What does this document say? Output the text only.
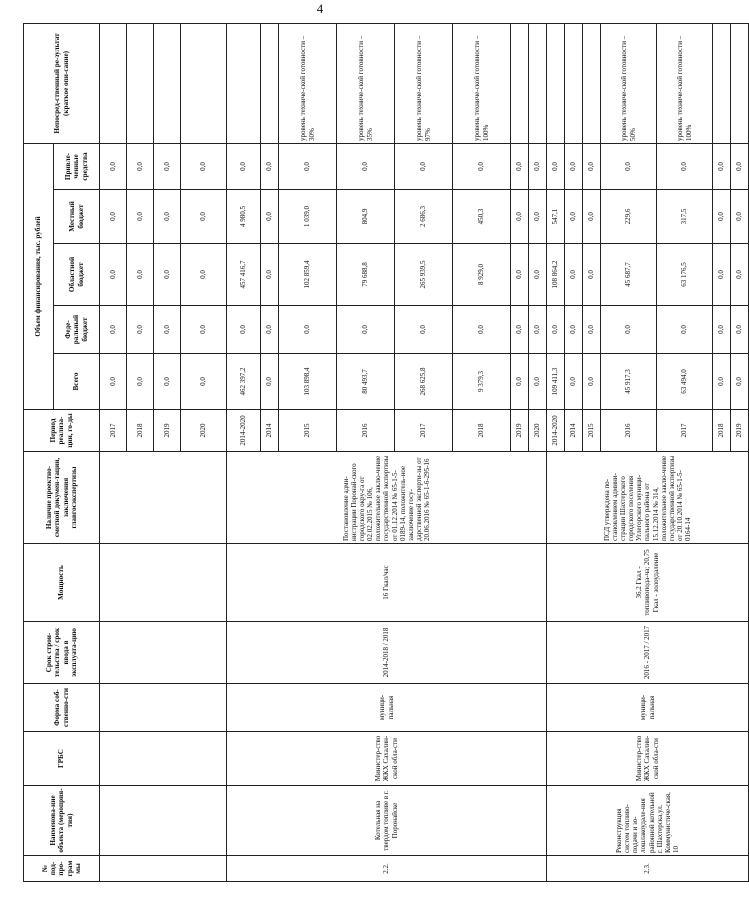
4
№ под-про-грам мы	Наименова-ние объекта (мероприя-тия)	ГРБС	Форма соб-ственно-сти	Срок строи-тельства / срок ввода в эксплуата-цию	Мощность	Наличие проектно-сметной докумен-тации, заключения главгосэкспертизы	Период реализа-ции, го-ды	Объем финансирования, тыс. рублей					Непосред-ственный ре-зультат (краткое опи-сание)
								Всего	Феде-ральный бюджет	Областной бюджет	Местный бюджет	Привле-ченные средства	
							2017	0,0	0,0	0,0	0,0	0,0	
							2018	0,0	0,0	0,0	0,0	0,0	
							2019	0,0	0,0	0,0	0,0	0,0	
							2020	0,0	0,0	0,0	0,0	0,0	
2.2.	Котельная на твердом топливе в г. Поронайске	Министер-ство ЖКХ Сахалин-ской обла-сти	муници-пальная	2014-2018 / 2018	16 Гкал/час	Постановление адми-нистрации Поронай-ского городского окру-га от 02.02.2015 № 106, положительное заклю-чение государственной экспертизы от 01.12.2014 № 65-1-5-0189-14, положитель-ное заключение госу-дарственной эксперти-зы от 20.06.2016 № 65-1-6-295-16	2014-2020	462 397,2	0,0	457 416,7	4 980,5	0,0	
							2014	0,0	0,0	0,0	0,0	0,0	
							2015	103 898,4	0,0	102 859,4	1 039,0	0,0	уровень техниче-ской готовности – 30%
							2016	80 493,7	0,0	79 688,8	804,9	0,0	уровень техниче-ской готовности – 35%
							2017	268 625,8	0,0	265 939,5	2 686,3	0,0	уровень техниче-ской готовности – 97%
							2018	9 379,3	0,0	8 929,0	450,3	0,0	уровень техниче-ской готовности – 100%
							2019	0,0	0,0	0,0	0,0	0,0	
							2020	0,0	0,0	0,0	0,0	0,0	
2.3.	Реконструкция систем топливо-подачи и зо-лошлакоудале-ния районной котельной г. Шахтерска,ул. Коммунистиче-ская, 10	Министер-ство ЖКХ Сахалин-ской обла-сти	муници-пальная	2016 - 2017 / 2017	36,2 Гкал - топливопода-ча; 20,75 Гкал - золоудаление	ПСД утверждена по-становлением админи-страции Шахтерского городского поселения Углегорского муници-пального района от 15.12.2014 № 314, положительное заклю-чение государственной экспертизы от 20.10.2014 № 65-1-5-0164-14	2014-2020	109 411,3	0,0	108 864,2	547,1	0,0	
							2014	0,0	0,0	0,0	0,0	0,0	
							2015	0,0	0,0	0,0	0,0	0,0	
							2016	45 917,3	0,0	45 687,7	229,6	0,0	уровень техниче-ской готовности – 50%
							2017	63 494,0	0,0	63 176,5	317,5	0,0	уровень техниче-ской готовности – 100%
							2018	0,0	0,0	0,0	0,0	0,0	
							2019	0,0	0,0	0,0	0,0	0,0	
